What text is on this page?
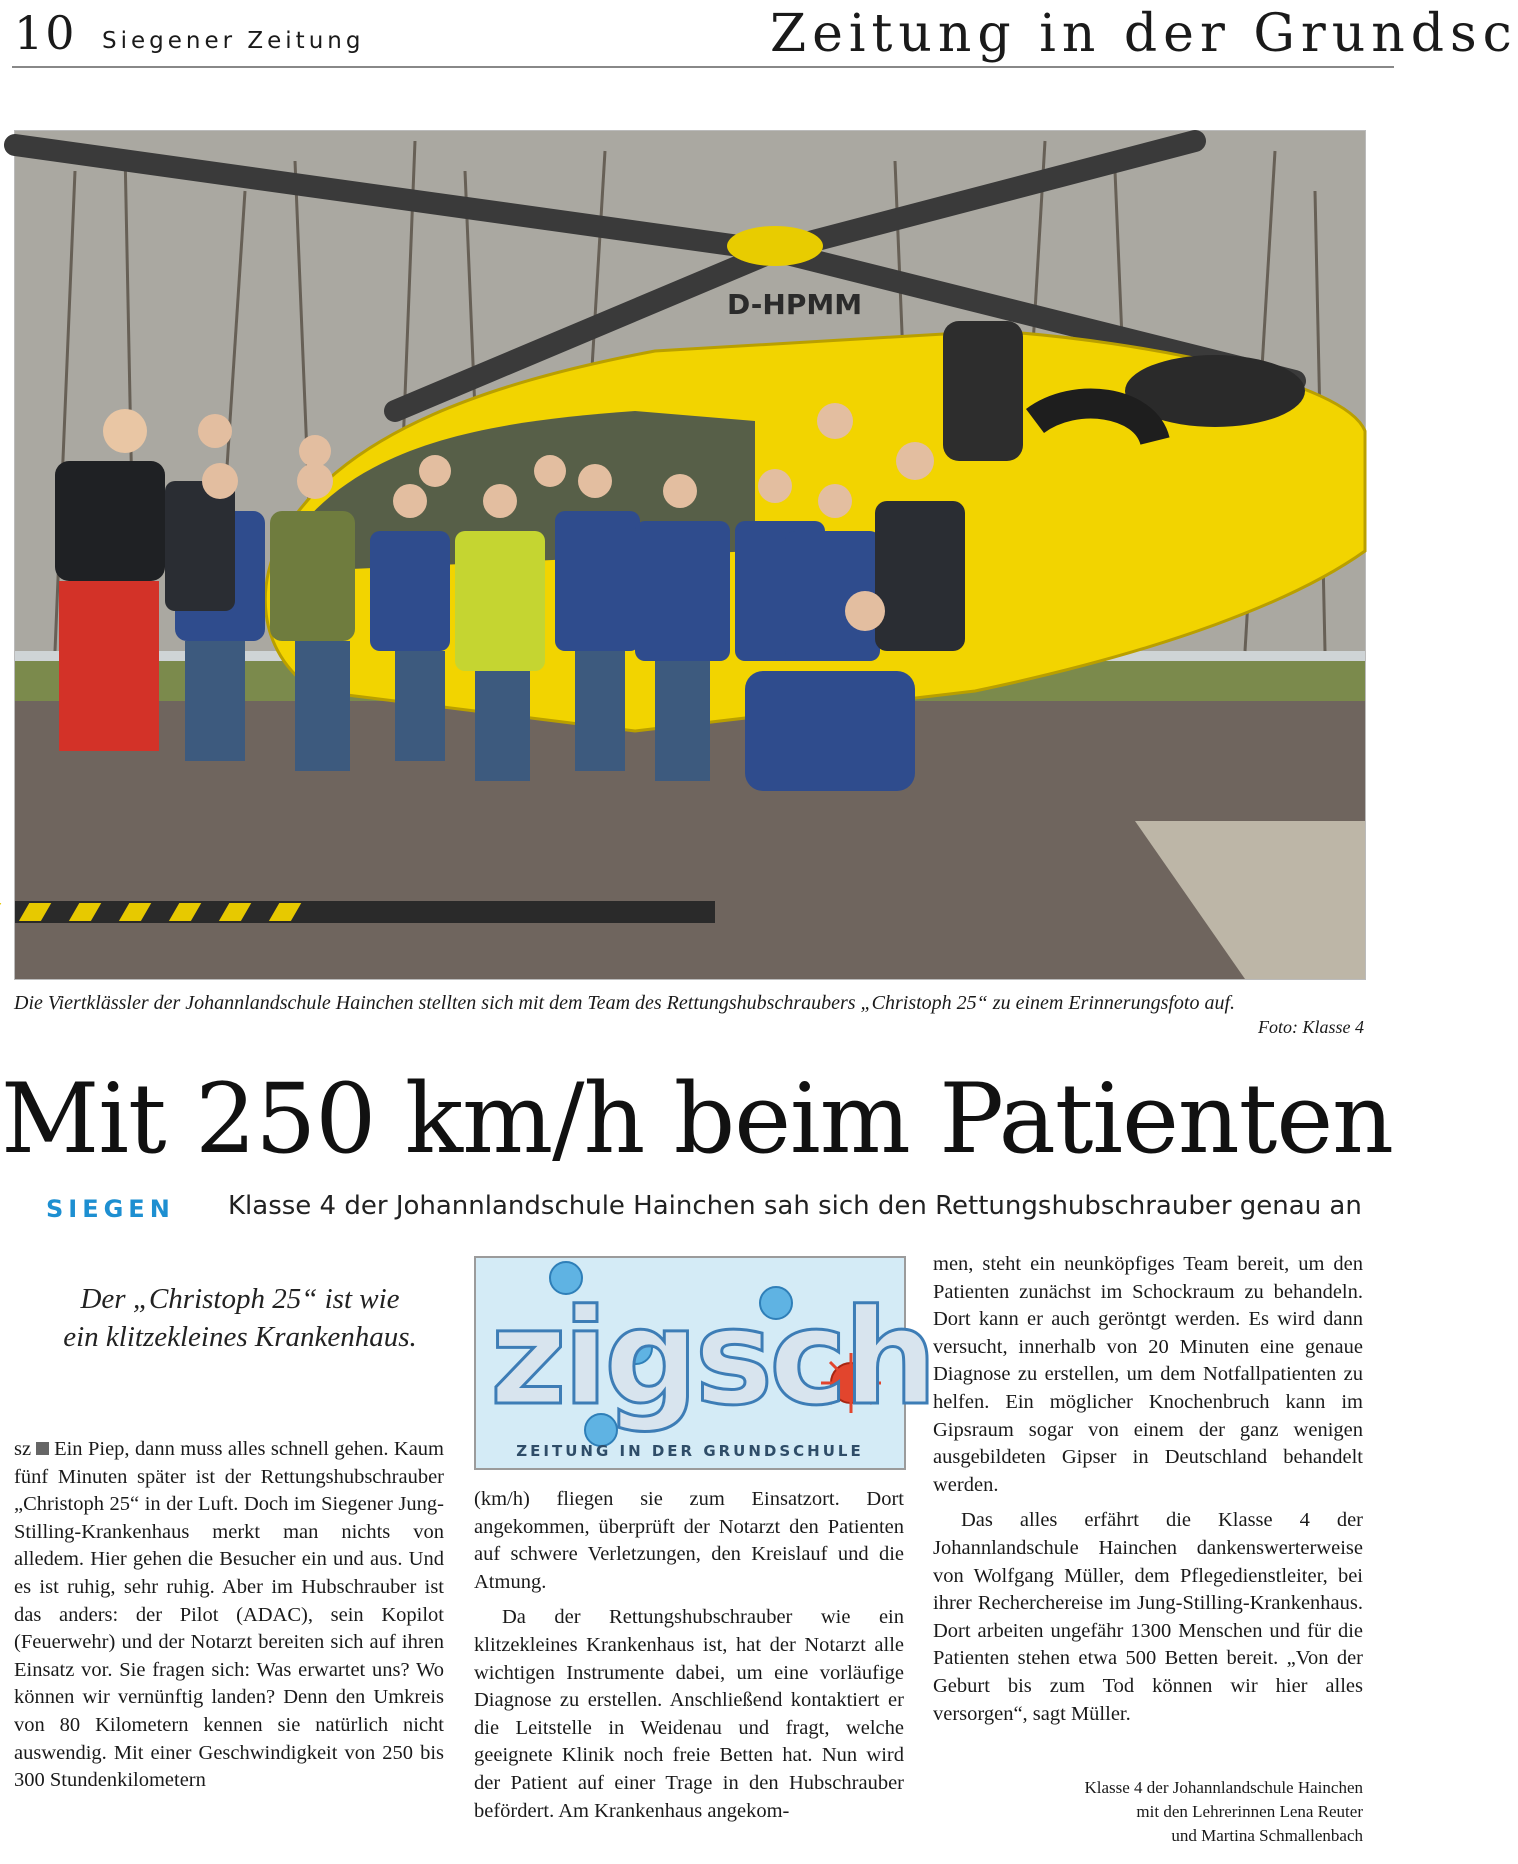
10 Siegener Zeitung	Zeitung in der Grundsc
D-HPMM
Die Viertklässler der Johannlandschule Hainchen stellten sich mit dem Team des Rettungshubschraubers „Christoph 25“ zu einem Erinnerungsfoto auf.
Foto: Klasse 4
Mit 250 km/h beim Patienten
SIEGEN Klasse 4 der Johannlandschule Hainchen sah sich den Rettungshubschrauber genau an
Der „Christoph 25“ ist wie ein klitzekleines Krankenhaus.

sz Ein Piep, dann muss alles schnell gehen. Kaum fünf Minuten später ist der Rettungshubschrauber „Christoph 25“ in der Luft. Doch im Siegener Jung-Stilling-Krankenhaus merkt man nichts von alledem. Hier gehen die Besucher ein und aus. Und es ist ruhig, sehr ruhig. Aber im Hubschrauber ist das anders: der Pilot (ADAC), sein Kopilot (Feuerwehr) und der Notarzt bereiten sich auf ihren Einsatz vor. Sie fragen sich: Was erwartet uns? Wo können wir vernünftig landen? Denn den Umkreis von 80 Kilometern kennen sie natürlich nicht auswendig. Mit einer Geschwindigkeit von 250 bis 300 Stundenkilometern

zigsch
ZEITUNG IN DER GRUNDSCHULE

(km/h) fliegen sie zum Einsatzort. Dort angekommen, überprüft der Notarzt den Patienten auf schwere Verletzungen, den Kreislauf und die Atmung.

Da der Rettungshubschrauber wie ein klitzekleines Krankenhaus ist, hat der Notarzt alle wichtigen Instrumente dabei, um eine vorläufige Diagnose zu erstellen. Anschließend kontaktiert er die Leitstelle in Weidenau und fragt, welche geeignete Klinik noch freie Betten hat. Nun wird der Patient auf einer Trage in den Hubschrauber befördert. Am Krankenhaus angekom-

men, steht ein neunköpfiges Team bereit, um den Patienten zunächst im Schockraum zu behandeln. Dort kann er auch geröntgt werden. Es wird dann versucht, innerhalb von 20 Minuten eine genaue Diagnose zu erstellen, um dem Notfallpatienten zu helfen. Ein möglicher Knochenbruch kann im Gipsraum sogar von einem der ganz wenigen ausgebildeten Gipser in Deutschland behandelt werden.

Das alles erfährt die Klasse 4 der Johannlandschule Hainchen dankenswerterweise von Wolfgang Müller, dem Pflegedienstleiter, bei ihrer Recherchereise im Jung-Stilling-Krankenhaus. Dort arbeiten ungefähr 1300 Menschen und für die Patienten stehen etwa 500 Betten bereit. „Von der Geburt bis zum Tod können wir hier alles versorgen“, sagt Müller.

Klasse 4 der Johannlandschule Hainchen
mit den Lehrerinnen Lena Reuter
und Martina Schmallenbach
